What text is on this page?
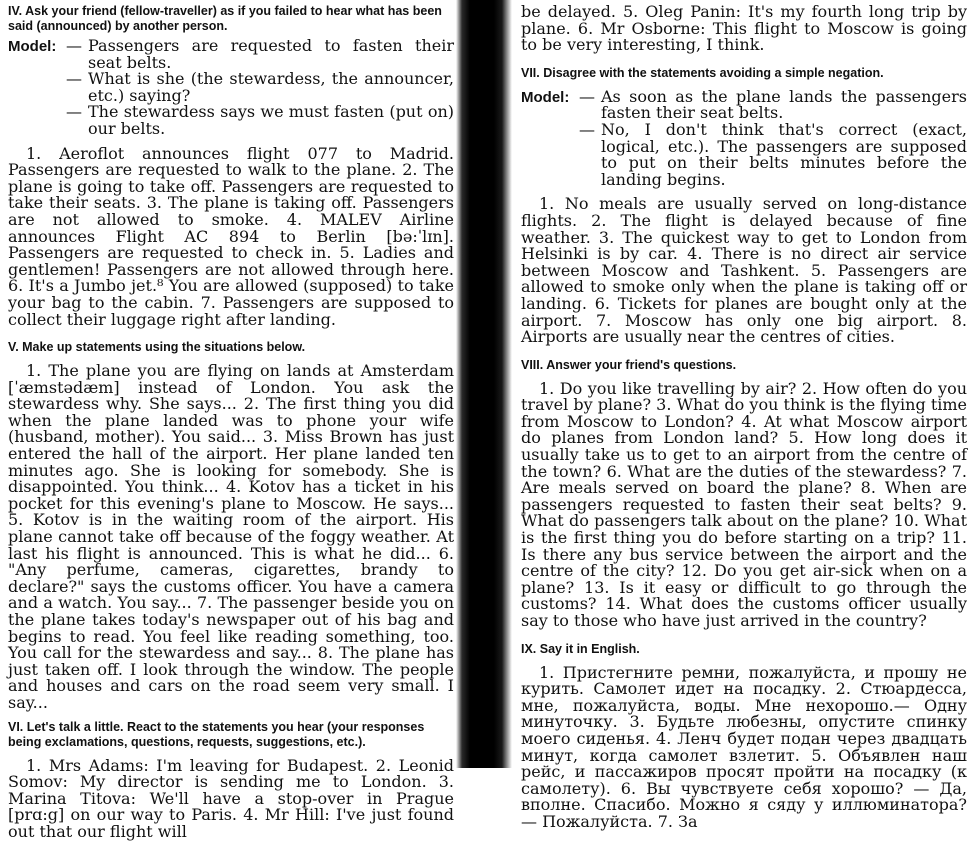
IV. Ask your friend (fellow-traveller) as if you failed to hear what has been said (announced) by another person.

Model: — Passengers are requested to fasten their seat belts.
— What is she (the stewardess, the announcer, etc.) saying?
— The stewardess says we must fasten (put on) our belts.

1. Aeroflot announces flight 077 to Madrid. Passengers are requested to walk to the plane. 2. The plane is going to take off. Passengers are requested to take their seats. 3. The plane is taking off. Passengers are not allowed to smoke. 4. MALEV Airline announces Flight AC 894 to Berlin [bə:ˈlɪn]. Passengers are requested to check in. 5. Ladies and gentlemen! Passengers are not allowed through here. 6. It's a Jumbo jet.⁸ You are allowed (supposed) to take your bag to the cabin. 7. Passengers are supposed to collect their luggage right after landing.

V. Make up statements using the situations below.

1. The plane you are flying on lands at Amsterdam [ˈæmstədæm] instead of London. You ask the stewardess why. She says... 2. The first thing you did when the plane landed was to phone your wife (husband, mother). You said... 3. Miss Brown has just entered the hall of the airport. Her plane landed ten minutes ago. She is looking for somebody. She is disappointed. You think... 4. Kotov has a ticket in his pocket for this evening's plane to Moscow. He says... 5. Kotov is in the waiting room of the airport. His plane cannot take off because of the foggy weather. At last his flight is announced. This is what he did... 6. "Any perfume, cameras, cigarettes, brandy to declare?" says the customs officer. You have a camera and a watch. You say... 7. The passenger beside you on the plane takes today's newspaper out of his bag and begins to read. You feel like reading something, too. You call for the stewardess and say... 8. The plane has just taken off. I look through the window. The people and houses and cars on the road seem very small. I say...

VI. Let's talk a little. React to the statements you hear (your responses being exclamations, questions, requests, suggestions, etc.).

1. Mrs Adams: I'm leaving for Budapest. 2. Leonid Somov: My director is sending me to London. 3. Marina Titova: We'll have a stop-over in Prague [prɑ:g] on our way to Paris. 4. Mr Hill: I've just found out that our flight will

be delayed. 5. Oleg Panin: It's my fourth long trip by plane. 6. Mr Osborne: This flight to Moscow is going to be very interesting, I think.

VII. Disagree with the statements avoiding a simple negation.

Model: — As soon as the plane lands the passengers fasten their seat belts.
— No, I don't think that's correct (exact, logical, etc.). The passengers are supposed to put on their belts minutes before the landing begins.

1. No meals are usually served on long-distance flights. 2. The flight is delayed because of fine weather. 3. The quickest way to get to London from Helsinki is by car. 4. There is no direct air service between Moscow and Tashkent. 5. Passengers are allowed to smoke only when the plane is taking off or landing. 6. Tickets for planes are bought only at the airport. 7. Moscow has only one big airport. 8. Airports are usually near the centres of cities.

VIII. Answer your friend's questions.

1. Do you like travelling by air? 2. How often do you travel by plane? 3. What do you think is the flying time from Moscow to London? 4. At what Moscow airport do planes from London land? 5. How long does it usually take us to get to an airport from the centre of the town? 6. What are the duties of the stewardess? 7. Are meals served on board the plane? 8. When are passengers requested to fasten their seat belts? 9. What do passengers talk about on the plane? 10. What is the first thing you do before starting on a trip? 11. Is there any bus service between the airport and the centre of the city? 12. Do you get air-sick when on a plane? 13. Is it easy or difficult to go through the customs? 14. What does the customs officer usually say to those who have just arrived in the country?

IX. Say it in English.

1. Пристегните ремни, пожалуйста, и прошу не курить. Самолет идет на посадку. 2. Стюардесса, мне, пожалуйста, воды. Мне нехорошо.— Одну минуточку. 3. Будьте любезны, опустите спинку моего сиденья. 4. Ленч будет подан через двадцать минут, когда самолет взлетит. 5. Объявлен наш рейс, и пассажиров просят пройти на посадку (к самолету). 6. Вы чувствуете себя хорошо? — Да, вполне. Спасибо. Можно я сяду у иллюминатора? — Пожалуйста. 7. За
